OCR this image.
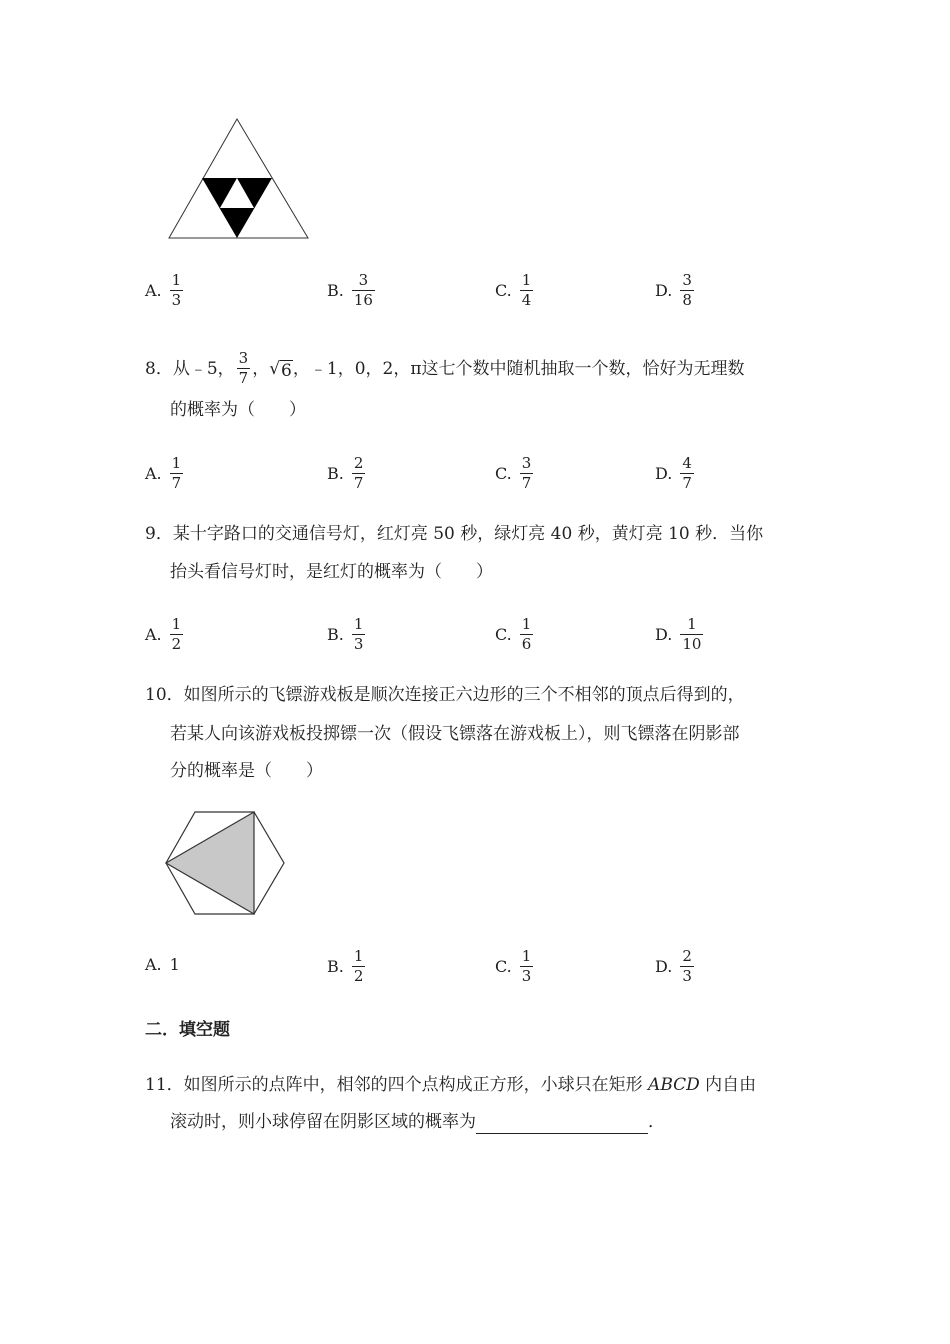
A. $\frac{1}{3}$	B. $\frac{3}{16}$	C. $\frac{1}{4}$	D. $\frac{3}{8}$
8． 从﹣5， $\frac{3}{7}$ ， √ 6 ，﹣1，0，2，π这七个数中随机抽取一个数，恰好为无理数
的概率为（　　）
A. $\frac{1}{7}$	B. $\frac{2}{7}$	C. $\frac{3}{7}$	D. $\frac{4}{7}$
9．某十字路口的交通信号灯，红灯亮 50 秒，绿灯亮 40 秒，黄灯亮 10 秒．当你
抬头看信号灯时，是红灯的概率为（　　）
A. $\frac{1}{2}$	B. $\frac{1}{3}$	C. $\frac{1}{6}$	D. $\frac{1}{10}$
10．如图所示的飞镖游戏板是顺次连接正六边形的三个不相邻的顶点后得到的，
若某人向该游戏板投掷镖一次（假设飞镖落在游戏板上），则飞镖落在阴影部
分的概率是（　　）
A. 1	B. $\frac{1}{2}$	C. $\frac{1}{3}$	D. $\frac{2}{3}$
二．填空题
11．如图所示的点阵中，相邻的四个点构成正方形，小球只在矩形 ABCD 内自由
滚动时，则小球停留在阴影区域的概率为	．
